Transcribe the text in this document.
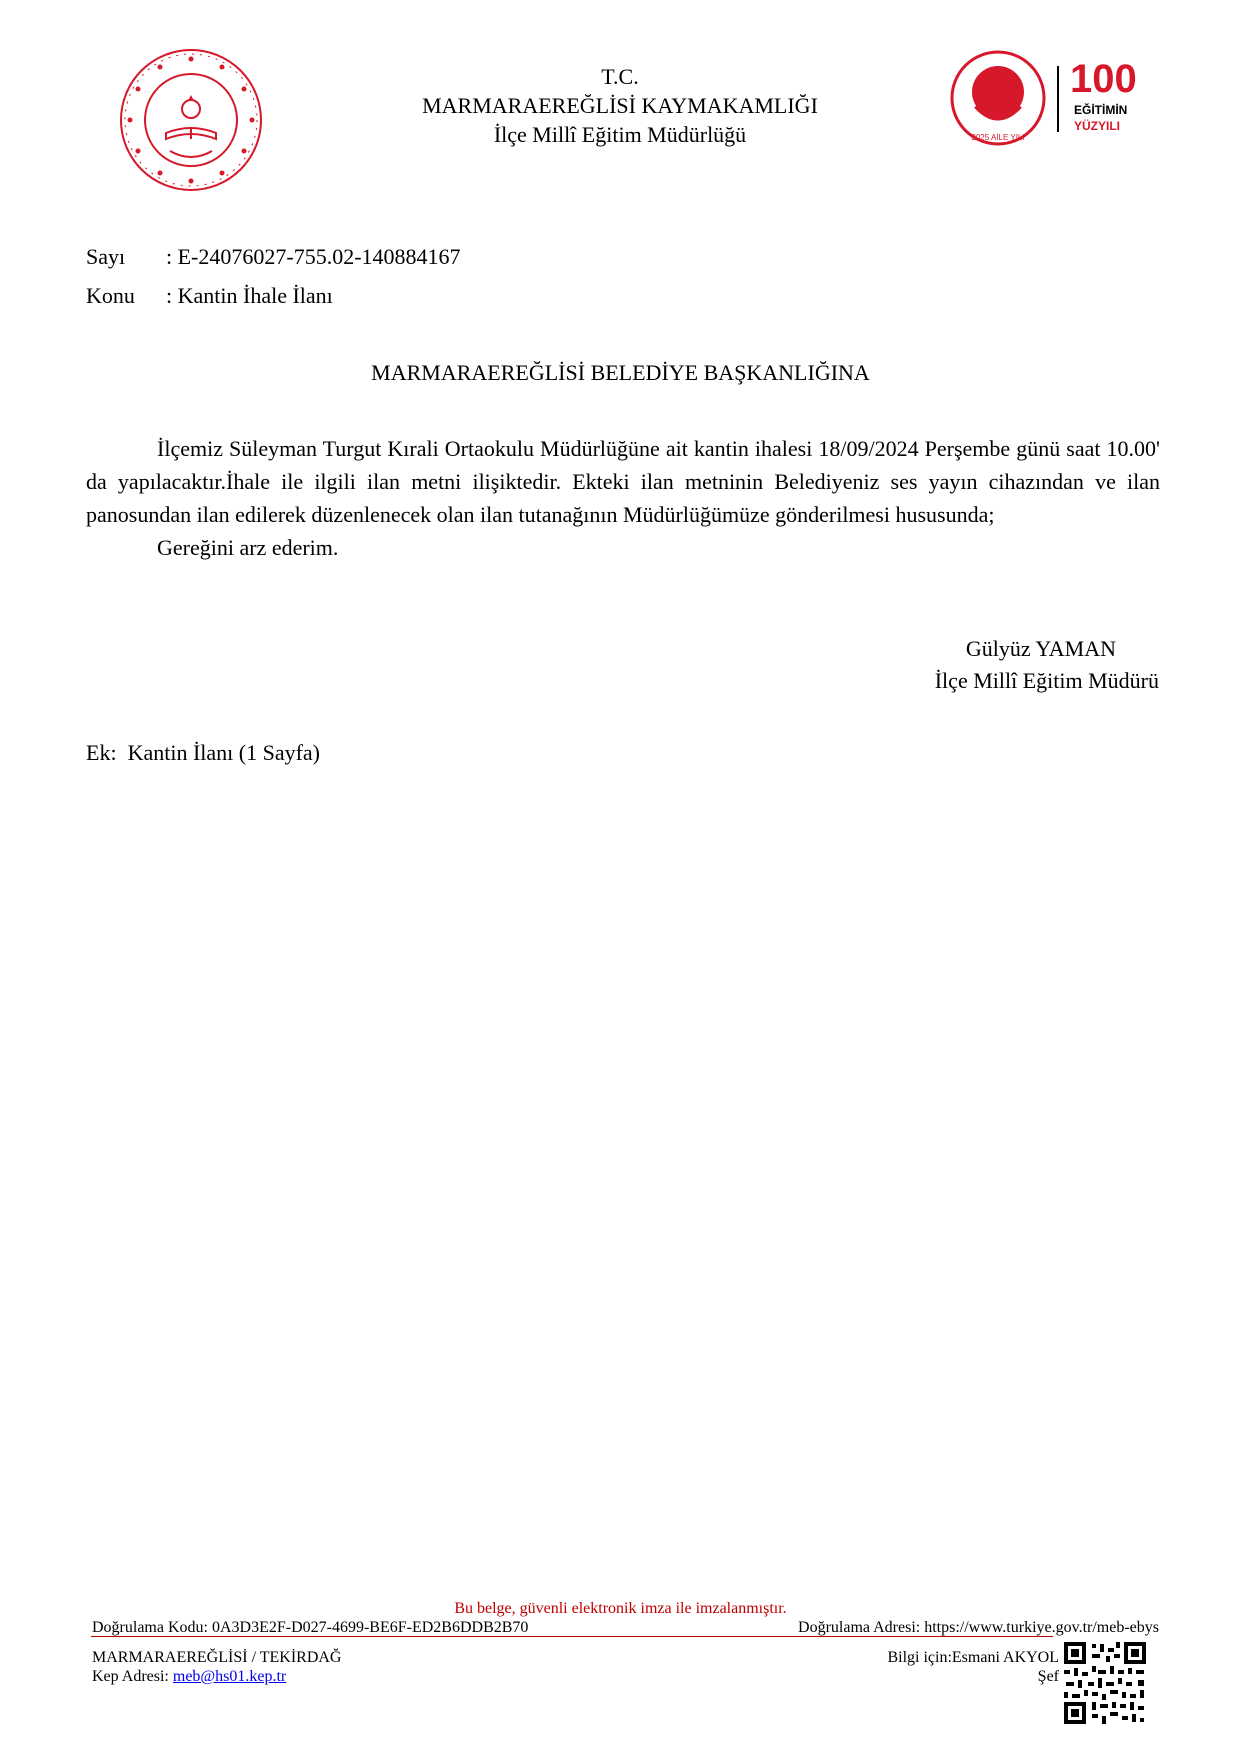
2025 AİLE YILI
100
EĞİTİMİN
YÜZYILI
T.C.
MARMARAEREĞLİSİ KAYMAKAMLIĞI
İlçe Millî Eğitim Müdürlüğü
Sayı : E-24076027-755.02-140884167
Konu : Kantin İhale İlanı
MARMARAEREĞLİSİ BELEDİYE BAŞKANLIĞINA

İlçemiz Süleyman Turgut Kırali Ortaokulu Müdürlüğüne ait kantin ihalesi 18/09/2024 Perşembe günü saat 10.00' da yapılacaktır.İhale ile ilgili ilan metni ilişiktedir. Ekteki ilan metninin Belediyeniz ses yayın cihazından ve ilan panosundan ilan edilerek düzenlenecek olan ilan tutanağının Müdürlüğümüze gönderilmesi hususunda;

Gereğini arz ederim.

Gülyüz YAMAN
İlçe Millî Eğitim Müdürü
Ek: Kantin İlanı (1 Sayfa)
Bu belge, güvenli elektronik imza ile imzalanmıştır.
Doğrulama Kodu: 0A3D3E2F-D027-4699-BE6F-ED2B6DDB2B70	Doğrulama Adresi: https://www.turkiye.gov.tr/meb-ebys
MARMARAEREĞLİSİ / TEKİRDAĞ
Kep Adresi: meb@hs01.kep.tr
Bilgi için:Esmani AKYOL
Şef
